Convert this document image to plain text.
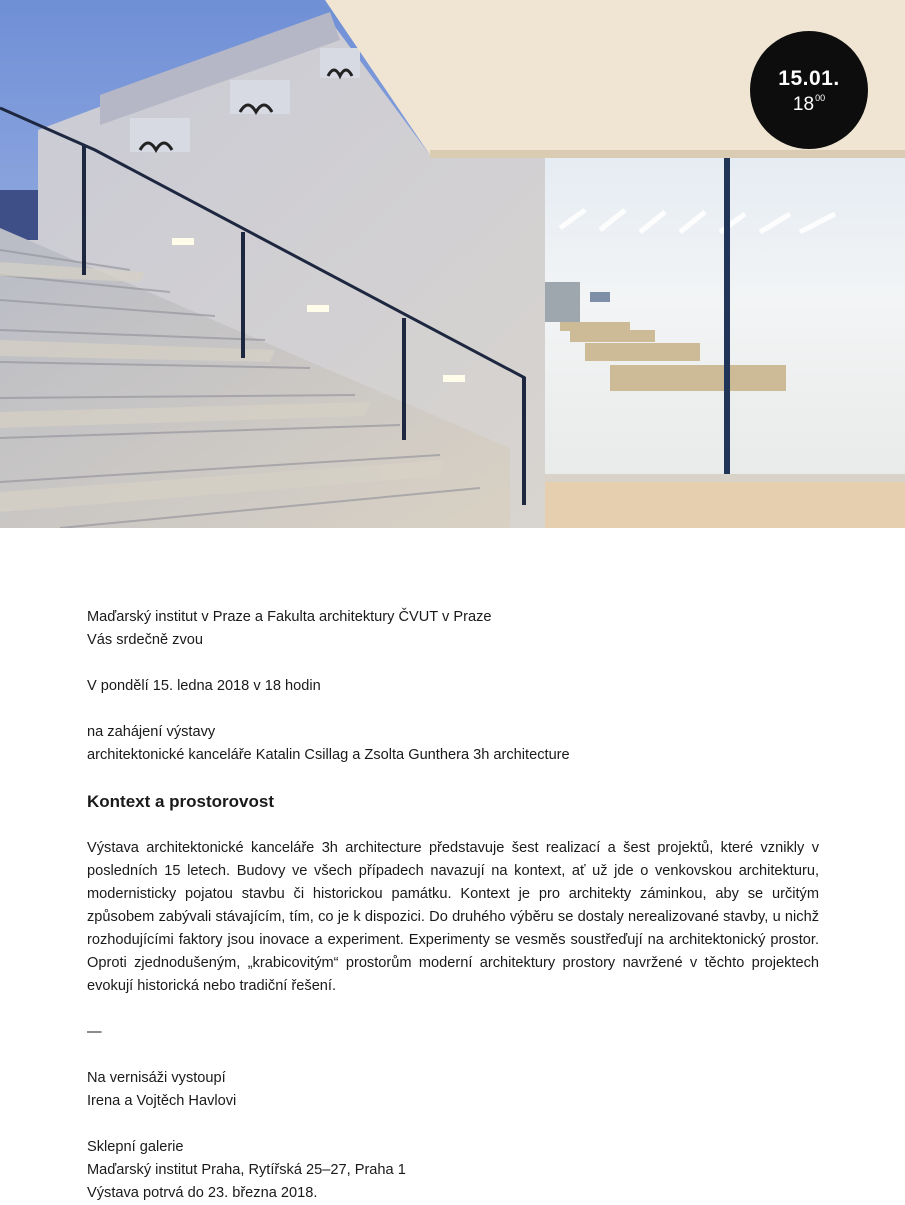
15.01.
$18^{00}$

Maďarský institut v Praze a Fakulta architektury ČVUT v Praze

Vás srdečně zvou

V pondělí 15. ledna 2018 v 18 hodin

na zahájení výstavy

architektonické kanceláře Katalin Csillag a Zsolta Gunthera 3h architecture

Kontext a prostorovost

Výstava architektonické kanceláře 3h architecture představuje šest realizací a šest projektů, které vznikly v posledních 15 letech. Budovy ve všech případech navazují na kontext, ať už jde o venkovskou architekturu, modernisticky pojatou stavbu či historickou památku. Kontext je pro architekty záminkou, aby se určitým způsobem zabývali stávajícím, tím, co je k dispozici. Do druhého výběru se dostaly nerealizované stavby, u nichž rozhodujícími faktory jsou inovace a experiment. Experimenty se vesměs soustřeďují na architektonický prostor. Oproti zjednodušeným, „krabicovitým“ prostorům moderní architektury prostory navržené v těchto projektech evokují historická nebo tradiční řešení.

—

Na vernisáži vystoupí

Irena a Vojtěch Havlovi

Sklepní galerie

Maďarský institut Praha, Rytířská 25–27, Praha 1

Výstava potrvá do 23. března 2018.
